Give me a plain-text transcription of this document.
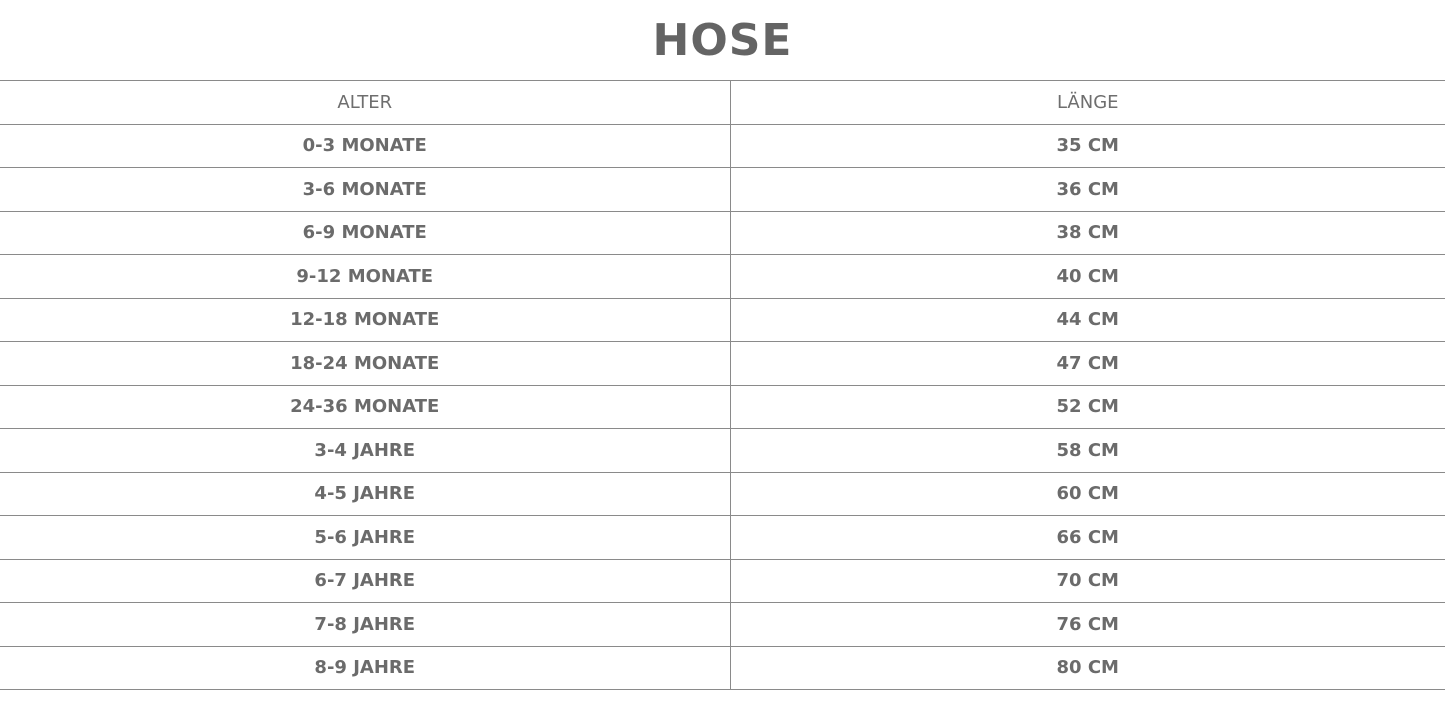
HOSE
ALTER	LÄNGE
0-3 MONATE	35 CM
3-6 MONATE	36 CM
6-9 MONATE	38 CM
9-12 MONATE	40 CM
12-18 MONATE	44 CM
18-24 MONATE	47 CM
24-36 MONATE	52 CM
3-4 JAHRE	58 CM
4-5 JAHRE	60 CM
5-6 JAHRE	66 CM
6-7 JAHRE	70 CM
7-8 JAHRE	76 CM
8-9 JAHRE	80 CM
